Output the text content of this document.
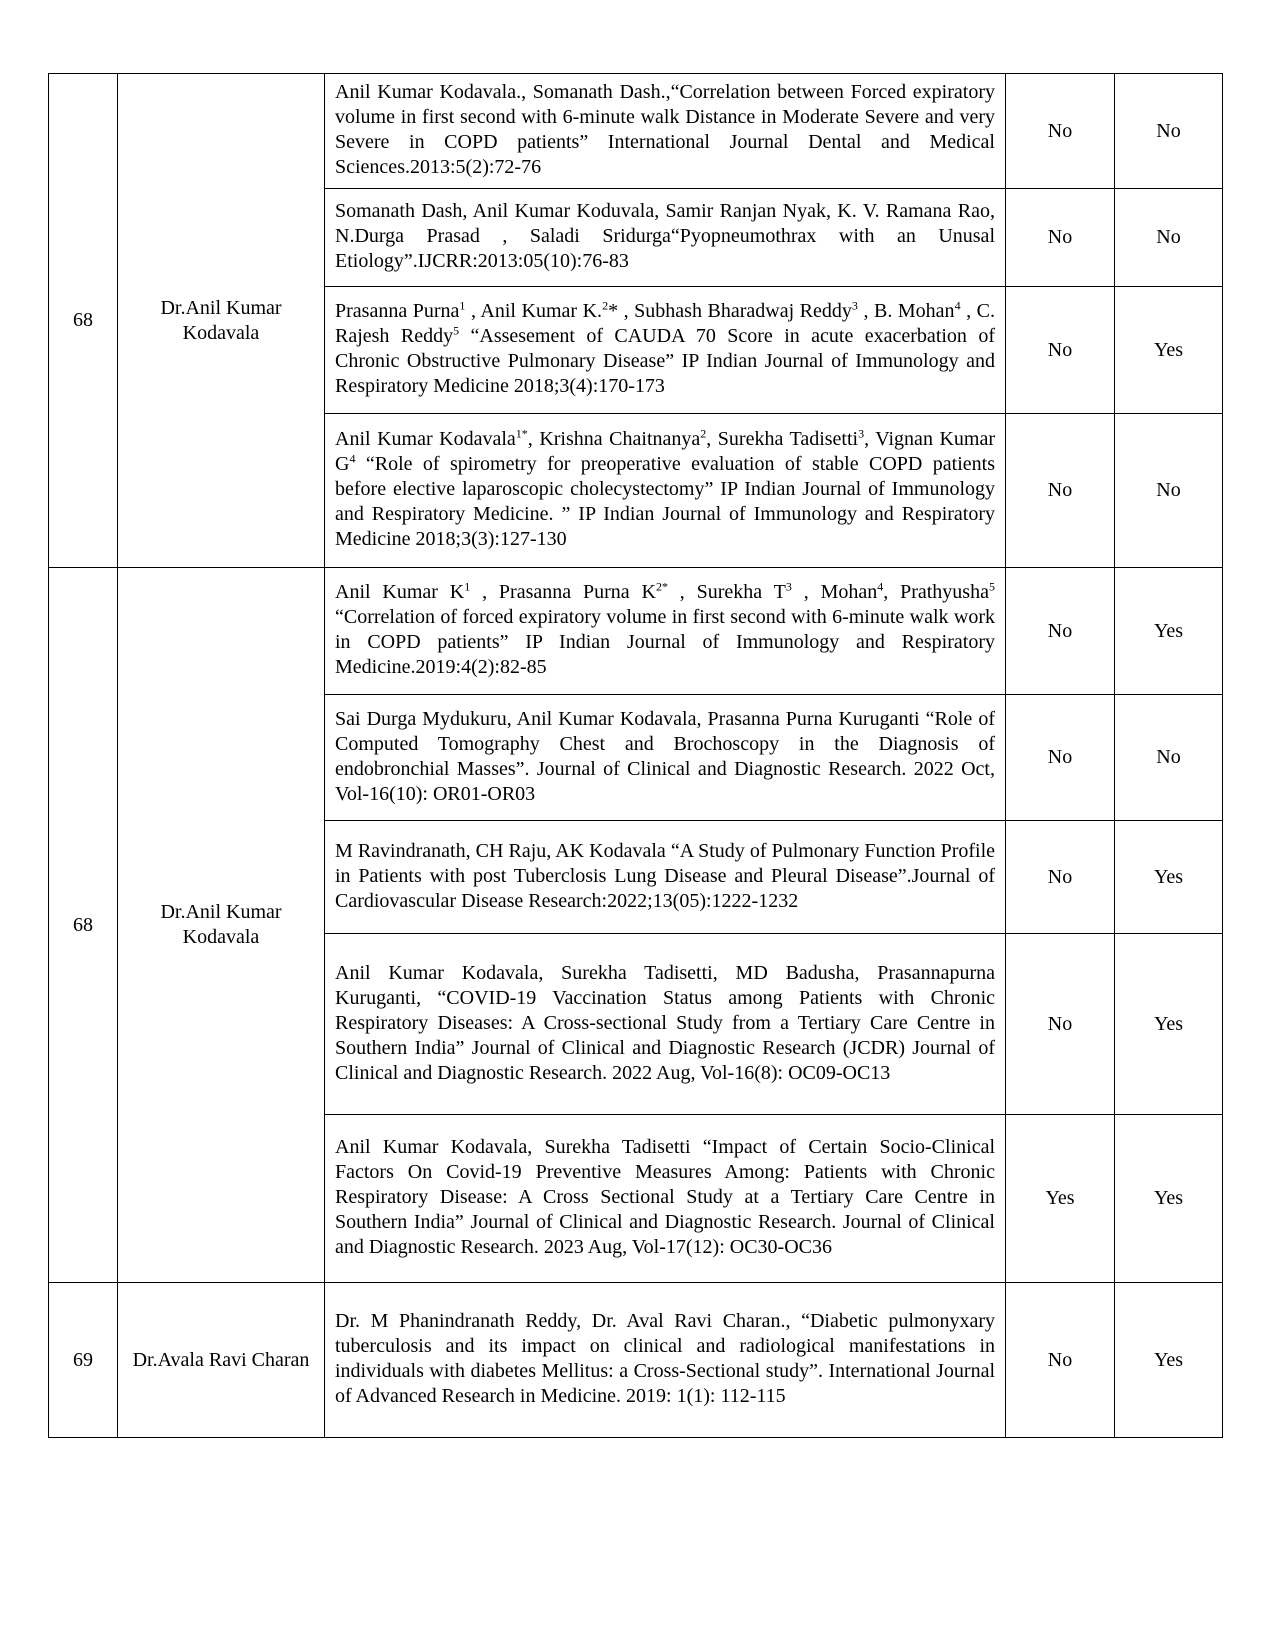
68	Dr.Anil Kumar Kodavala	Anil Kumar Kodavala., Somanath Dash.,“Correlation between Forced expiratory volume in first second with 6-minute walk Distance in Moderate Severe and very Severe in COPD patients” International Journal Dental and Medical Sciences.2013:5(2):72-76	No	No
		Somanath Dash, Anil Kumar Koduvala, Samir Ranjan Nyak, K. V. Ramana Rao, N.Durga Prasad , Saladi Sridurga“Pyopneumothrax with an Unusal Etiology”.IJCRR:2013:05(10):76-83	No	No
		Prasanna Purna$^1$ , Anil Kumar K.$^2$* , Subhash Bharadwaj Reddy$^3$ , B. Mohan$^4$ , C. Rajesh Reddy$^5$ “Assesement of CAUDA 70 Score in acute exacerbation of Chronic Obstructive Pulmonary Disease” IP Indian Journal of Immunology and Respiratory Medicine 2018;3(4):170-173	No	Yes
		Anil Kumar Kodavala$^{1*}$, Krishna Chaitnanya$^2$, Surekha Tadisetti$^3$, Vignan Kumar $G^4$ “Role of spirometry for preoperative evaluation of stable COPD patients before elective laparoscopic cholecystectomy” IP Indian Journal of Immunology and Respiratory Medicine. ” IP Indian Journal of Immunology and Respiratory Medicine 2018;3(3):127-130	No	No
68	Dr.Anil Kumar Kodavala	Anil Kumar $K^1$ , Prasanna Purna $K^{2*}$ , Surekha $T^3$ , Mohan$^4$, Prathyusha$^5$ “Correlation of forced expiratory volume in first second with 6-minute walk work in COPD patients” IP Indian Journal of Immunology and Respiratory Medicine.2019:4(2):82-85	No	Yes
		Sai Durga Mydukuru, Anil Kumar Kodavala, Prasanna Purna Kuruganti “Role of Computed Tomography Chest and Brochoscopy in the Diagnosis of endobronchial Masses”. Journal of Clinical and Diagnostic Research. 2022 Oct, Vol-16(10): OR01-OR03	No	No
		M Ravindranath, CH Raju, AK Kodavala “A Study of Pulmonary Function Profile in Patients with post Tuberclosis Lung Disease and Pleural Disease”.Journal of Cardiovascular Disease Research:2022;13(05):1222-1232	No	Yes
		Anil Kumar Kodavala, Surekha Tadisetti, MD Badusha, Prasannapurna Kuruganti, “COVID-19 Vaccination Status among Patients with Chronic Respiratory Diseases: A Cross-sectional Study from a Tertiary Care Centre in Southern India” Journal of Clinical and Diagnostic Research (JCDR) Journal of Clinical and Diagnostic Research. 2022 Aug, Vol-16(8): OC09-OC13	No	Yes
		Anil Kumar Kodavala, Surekha Tadisetti “Impact of Certain Socio-Clinical Factors On Covid-19 Preventive Measures Among: Patients with Chronic Respiratory Disease: A Cross Sectional Study at a Tertiary Care Centre in Southern India” Journal of Clinical and Diagnostic Research. Journal of Clinical and Diagnostic Research. 2023 Aug, Vol-17(12): OC30-OC36	Yes	Yes
69	Dr.Avala Ravi Charan	Dr. M Phanindranath Reddy, Dr. Aval Ravi Charan., “Diabetic pulmonyxary tuberculosis and its impact on clinical and radiological manifestations in individuals with diabetes Mellitus: a Cross-Sectional study”. International Journal of Advanced Research in Medicine. 2019: 1(1): 112-115	No	Yes
